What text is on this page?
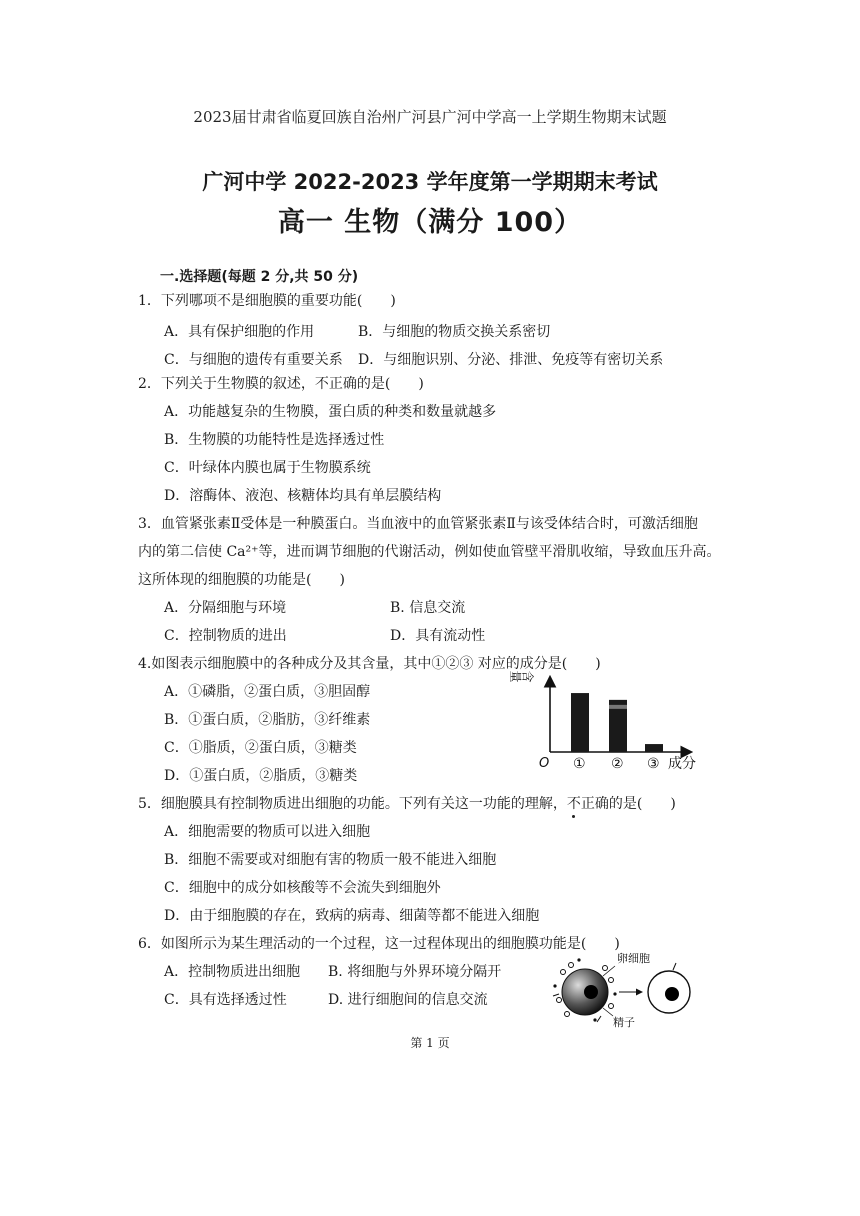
2023届甘肃省临夏回族自治州广河县广河中学高一上学期生物期末试题
广河中学 2022-2023 学年度第一学期期末考试
高一 生物（满分 100）
一.选择题(每题 2 分,共 50 分)
1．下列哪项不是细胞膜的重要功能(　　)
A．具有保护细胞的作用	B．与细胞的物质交换关系密切
C．与细胞的遗传有重要关系 D．与细胞识别、分泌、排泄、免疫等有密切关系
2．下列关于生物膜的叙述，不正确的是(　　)
A．功能越复杂的生物膜，蛋白质的种类和数量就越多
B．生物膜的功能特性是选择透过性
C．叶绿体内膜也属于生物膜系统
D．溶酶体、液泡、核糖体均具有单层膜结构
3．血管紧张素Ⅱ受体是一种膜蛋白。当血液中的血管紧张素Ⅱ与该受体结合时，可激活细胞
内的第二信使 Ca²⁺等，进而调节细胞的代谢活动，例如使血管壁平滑肌收缩，导致血压升高。
这所体现的细胞膜的功能是(　　)
A．分隔细胞与环境	B. 信息交流
C．控制物质的进出	D．具有流动性
4.如图表示细胞膜中的各种成分及其含量，其中①②③ 对应的成分是(　　)
A．①磷脂，②蛋白质，③胆固醇
B．①蛋白质，②脂肪，③纤维素
C．①脂质，②蛋白质，③糖类
D．①蛋白质，②脂质，③糖类
含量
O ① ② ③ 成分
5．细胞膜具有控制物质进出细胞的功能。下列有关这一功能的理解，不正确的是(　　)
A．细胞需要的物质可以进入细胞
B．细胞不需要或对细胞有害的物质一般不能进入细胞
C．细胞中的成分如核酸等不会流失到细胞外
D．由于细胞膜的存在，致病的病毒、细菌等都不能进入细胞
6．如图所示为某生理活动的一个过程，这一过程体现出的细胞膜功能是(　　)
A．控制物质进出细胞 B. 将细胞与外界环境分隔开
C．具有选择透过性	D. 进行细胞间的信息交流
卵细胞
精子
第 1 页
